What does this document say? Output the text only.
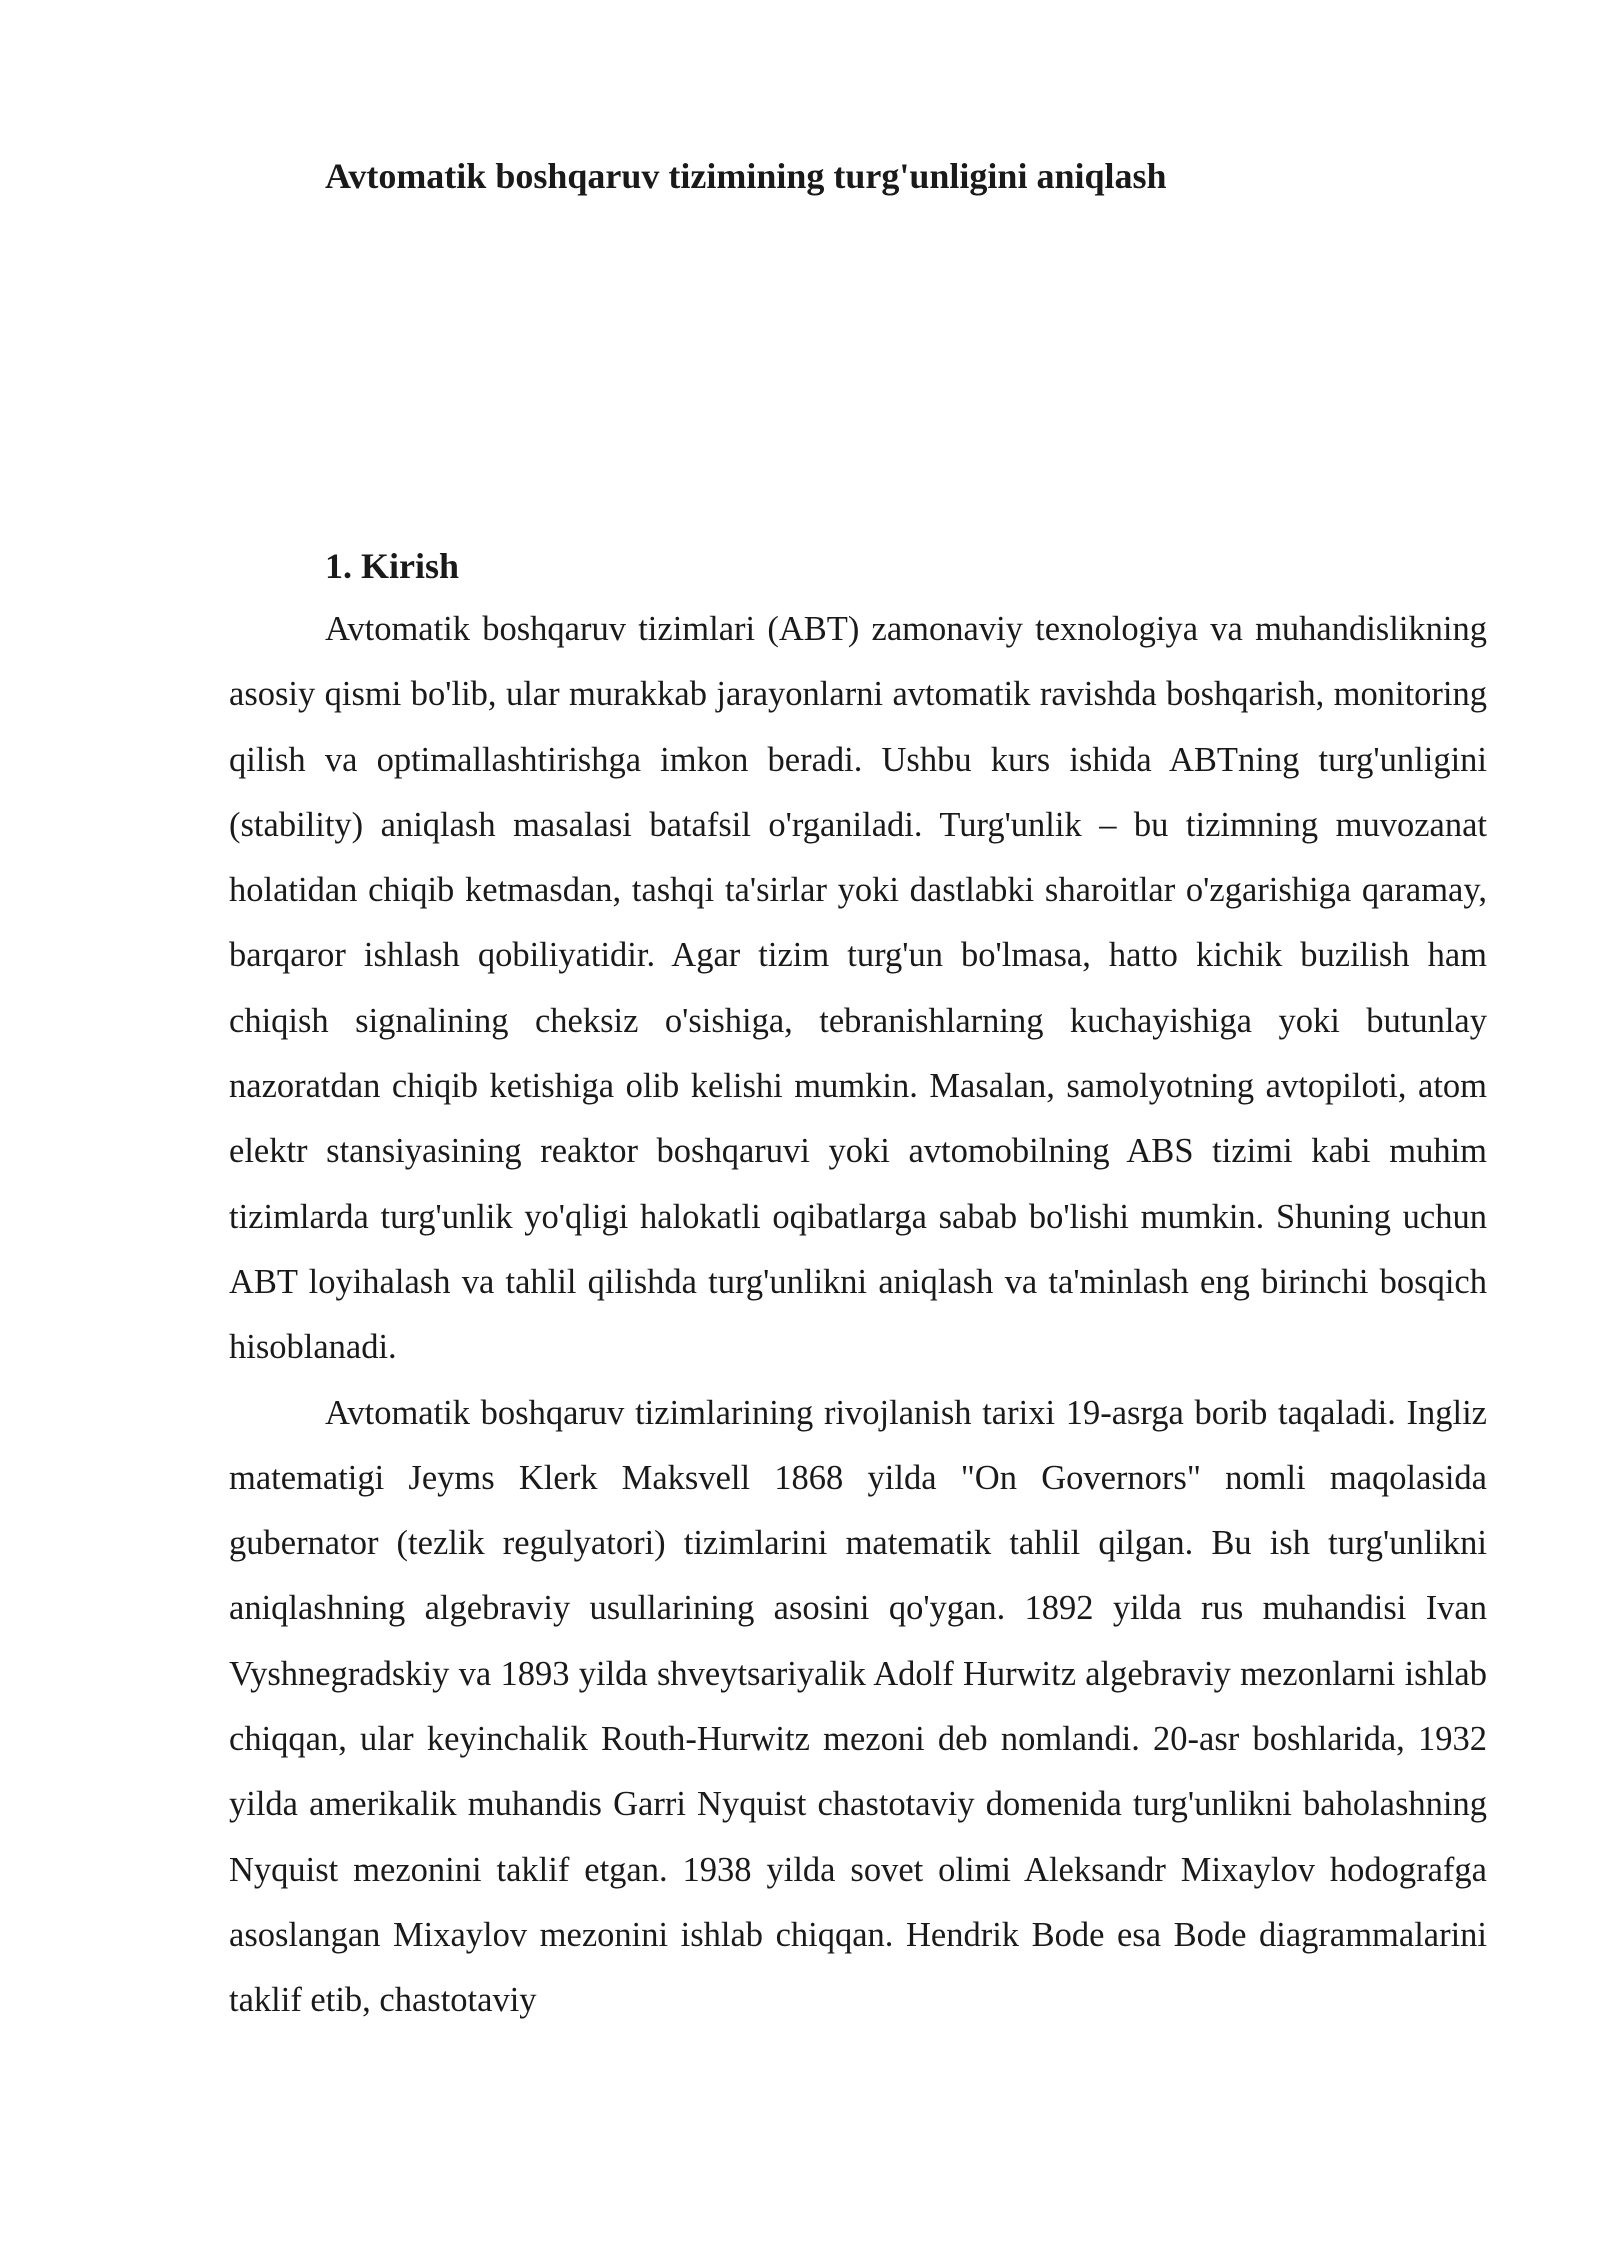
Avtomatik boshqaruv tizimining turg'unligini aniqlash
1. Kirish

Avtomatik boshqaruv tizimlari (ABT) zamonaviy texnologiya va muhandislikning asosiy qismi bo'lib, ular murakkab jarayonlarni avtomatik ravishda boshqarish, monitoring qilish va optimallashtirishga imkon beradi. Ushbu kurs ishida ABTning turg'unligini (stability) aniqlash masalasi batafsil o'rganiladi. Turg'unlik – bu tizimning muvozanat holatidan chiqib ketmasdan, tashqi ta'sirlar yoki dastlabki sharoitlar o'zgarishiga qaramay, barqaror ishlash qobiliyatidir. Agar tizim turg'un bo'lmasa, hatto kichik buzilish ham chiqish signalining cheksiz o'sishiga, tebranishlarning kuchayishiga yoki butunlay nazoratdan chiqib ketishiga olib kelishi mumkin. Masalan, samolyotning avtopiloti, atom elektr stansiyasining reaktor boshqaruvi yoki avtomobilning ABS tizimi kabi muhim tizimlarda turg'unlik yo'qligi halokatli oqibatlarga sabab bo'lishi mumkin. Shuning uchun ABT loyihalash va tahlil qilishda turg'unlikni aniqlash va ta'minlash eng birinchi bosqich hisoblanadi.

Avtomatik boshqaruv tizimlarining rivojlanish tarixi 19-asrga borib taqaladi. Ingliz matematigi Jeyms Klerk Maksvell 1868 yilda "On Governors" nomli maqolasida gubernator (tezlik regulyatori) tizimlarini matematik tahlil qilgan. Bu ish turg'unlikni aniqlashning algebraviy usullarining asosini qo'ygan. 1892 yilda rus muhandisi Ivan Vyshnegradskiy va 1893 yilda shveytsariyalik Adolf Hurwitz algebraviy mezonlarni ishlab chiqqan, ular keyinchalik Routh-Hurwitz mezoni deb nomlandi. 20-asr boshlarida, 1932 yilda amerikalik muhandis Garri Nyquist chastotaviy domenida turg'unlikni baholashning Nyquist mezonini taklif etgan. 1938 yilda sovet olimi Aleksandr Mixaylov hodografga asoslangan Mixaylov mezonini ishlab chiqqan. Hendrik Bode esa Bode diagrammalarini taklif etib, chastotaviy
